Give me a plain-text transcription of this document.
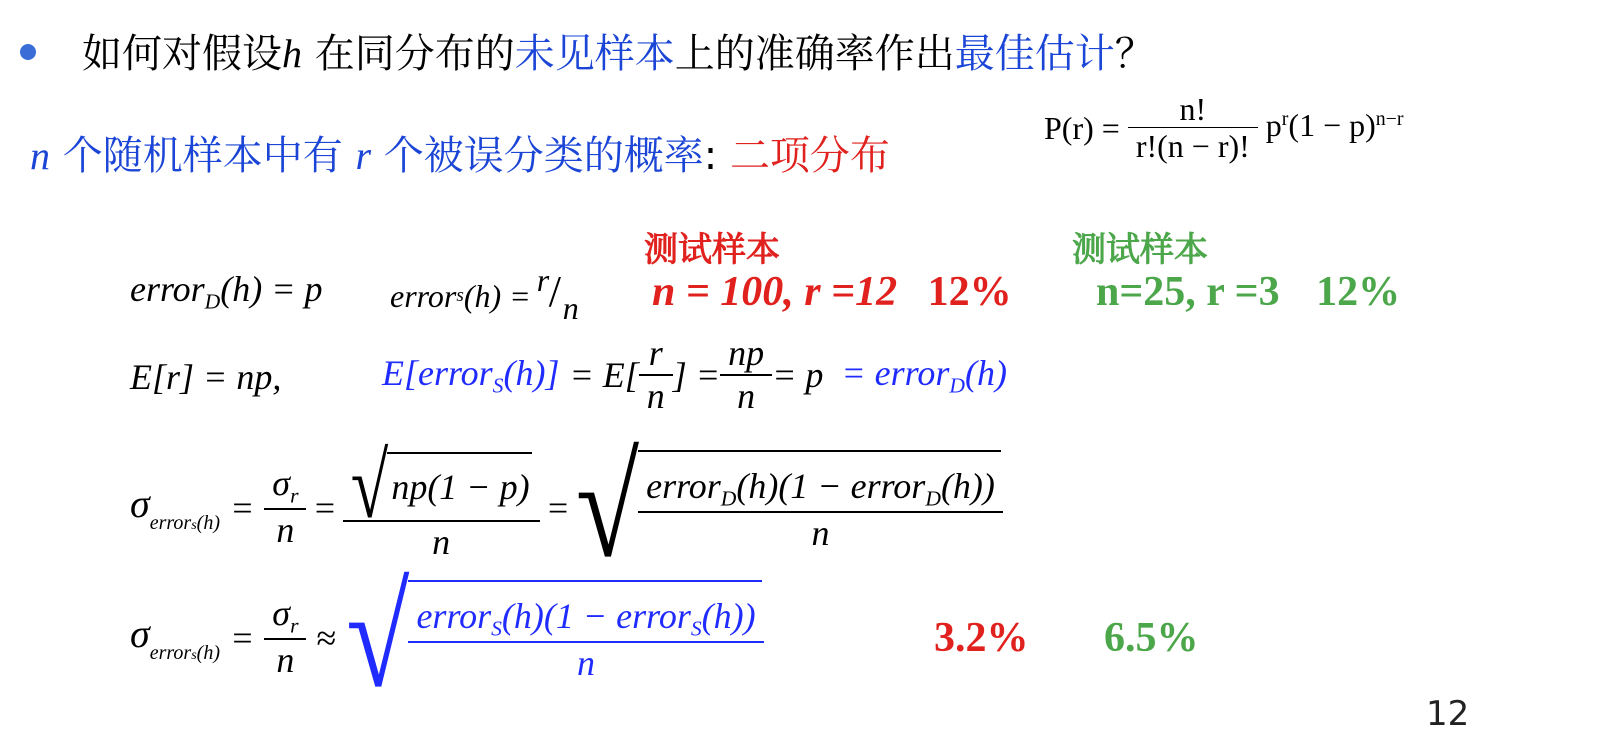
如何对假设h 在同分布的未见样本上的准确率作出最佳估计？
n 个随机样本中有 r 个被误分类的概率: 二项分布
$P(r) = \frac{n!}{r!(n - r)!} p^r(1 - p)^{n-r}$
测试样本	测试样本
error$_D$(h) = p error s (h) = r / n n = 100, r =12 12% n=25, r =3 12%
E[r] = np,	E[error$_S$(h)] = $E[ \frac{r}{n}$ ] = $\frac{np}{n} = p$ = error$_D$(h)
$\sigma_{errors(h)} = \frac{\sigma_r}{n} = \frac{√ np(1 - p)}{n}$ = √ $\frac{error_D(h)(1 - error_D(h))}{n}$
$\sigma_{errors(h)} = \frac{\sigma_r}{n}$ ≈ √ $\frac{error_S(h)(1 - error_S(h))}{n}$	3.2% 6.5%
12
